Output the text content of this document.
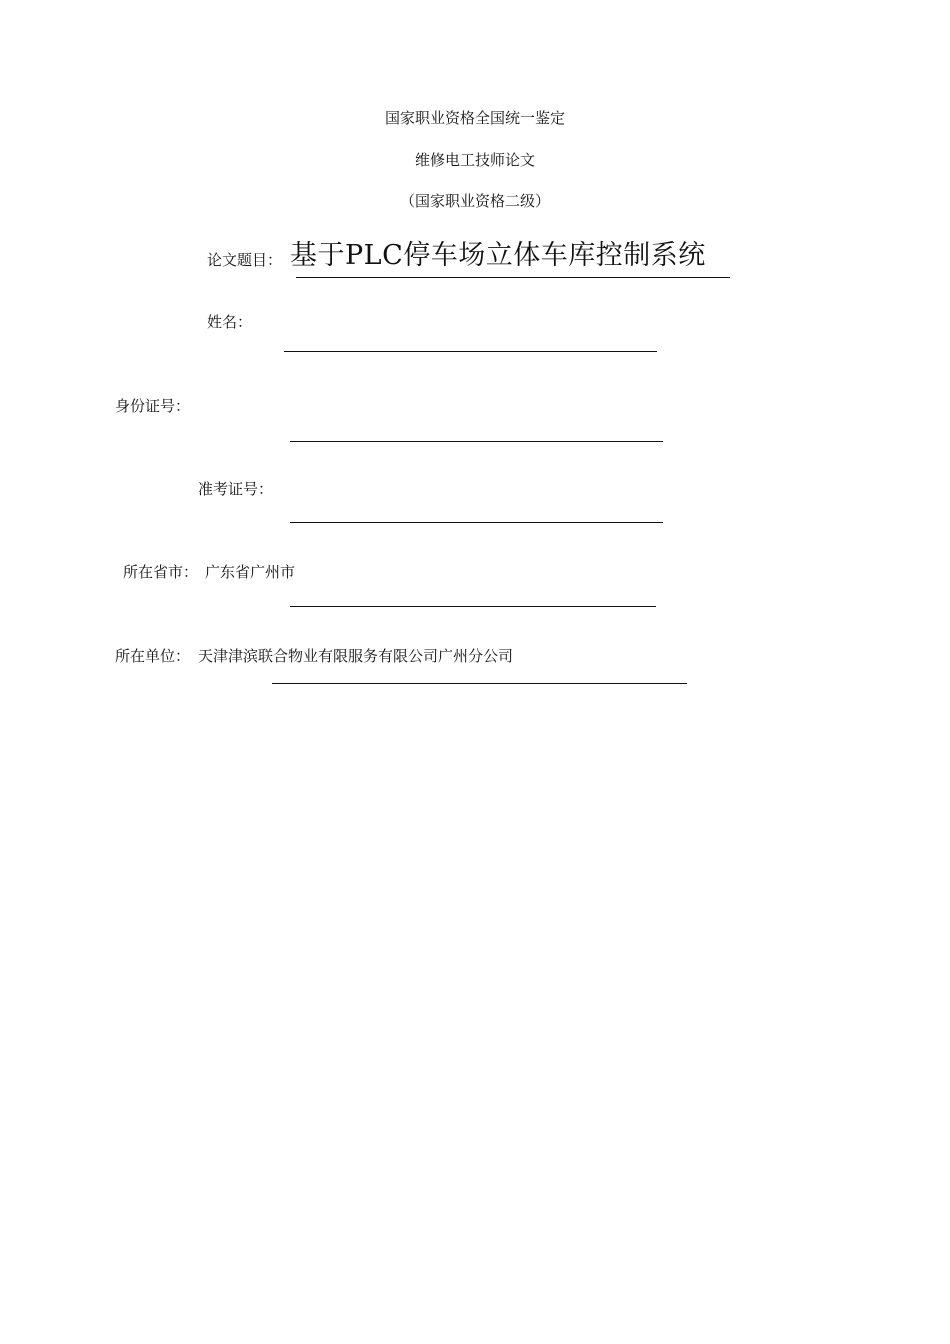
国家职业资格全国统一鉴定
维修电工技师论文
（国家职业资格二级）
论文题目： 基于PLC停车场立体车库控制系统
姓名：
身份证号：
准考证号：
所在省市： 广东省广州市
所在单位： 天津津滨联合物业有限服务有限公司广州分公司
